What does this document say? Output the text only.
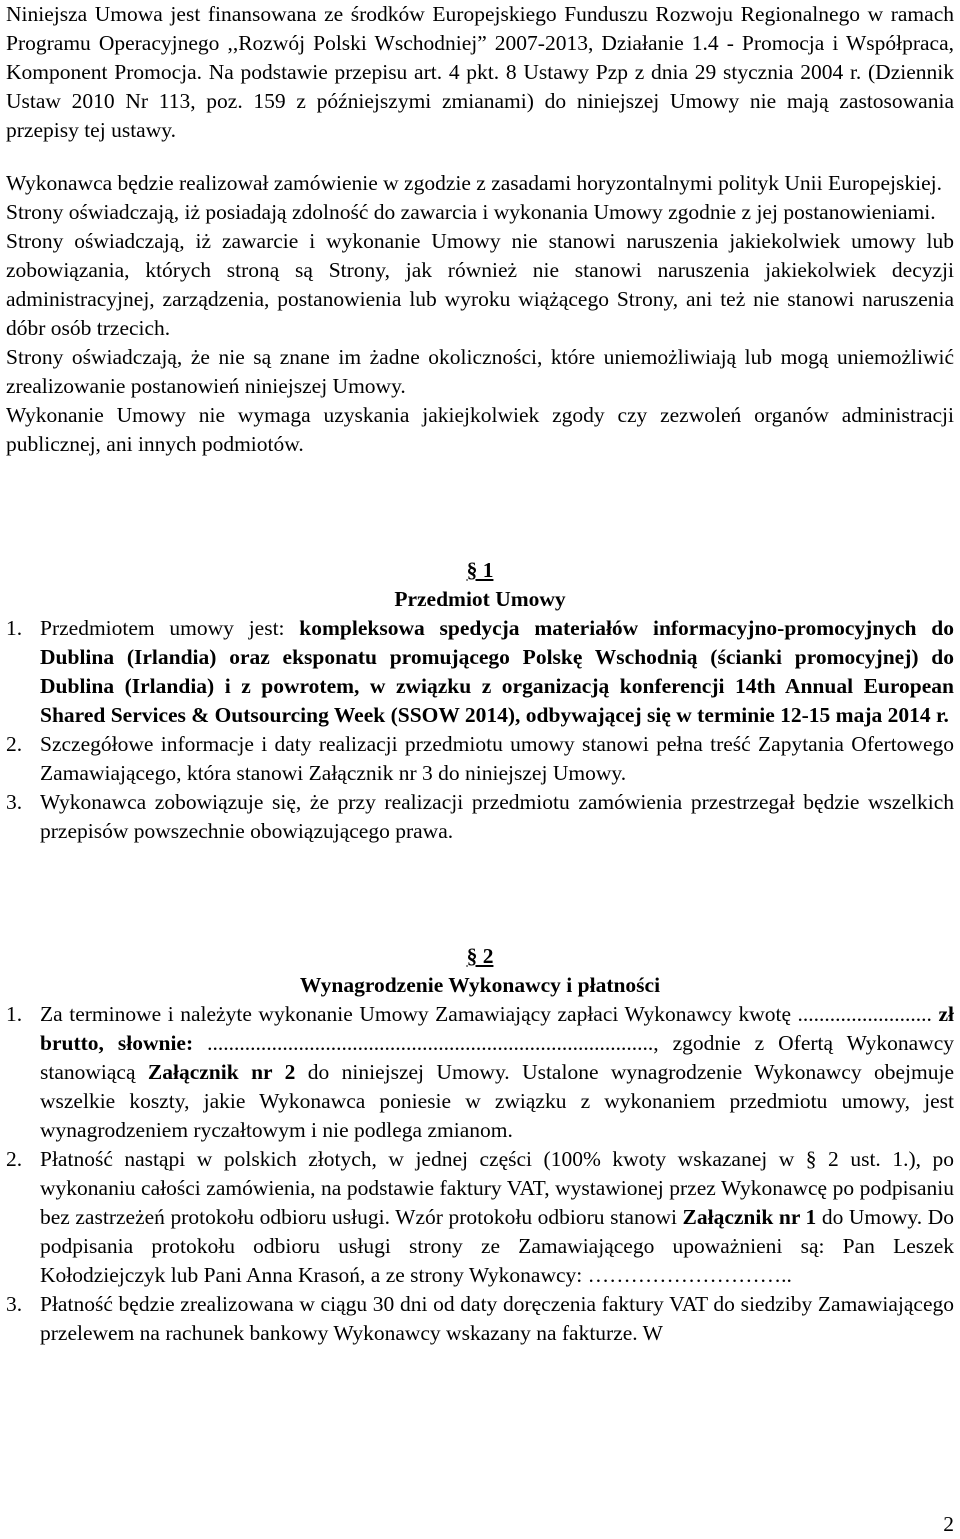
Niniejsza Umowa jest finansowana ze środków Europejskiego Funduszu Rozwoju Regionalnego w ramach Programu Operacyjnego ,,Rozwój Polski Wschodniej” 2007-2013, Działanie 1.4 - Promocja i Współpraca, Komponent Promocja. Na podstawie przepisu art. 4 pkt. 8 Ustawy Pzp z dnia 29 stycznia 2004 r. (Dziennik Ustaw 2010 Nr 113, poz. 159 z późniejszymi zmianami) do niniejszej Umowy nie mają zastosowania przepisy tej ustawy.

Wykonawca będzie realizował zamówienie w zgodzie z zasadami horyzontalnymi polityk Unii Europejskiej.

Strony oświadczają, iż posiadają zdolność do zawarcia i wykonania Umowy zgodnie z jej postanowieniami.

Strony oświadczają, iż zawarcie i wykonanie Umowy nie stanowi naruszenia jakiekolwiek umowy lub zobowiązania, których stroną są Strony, jak również nie stanowi naruszenia jakiekolwiek decyzji administracyjnej, zarządzenia, postanowienia lub wyroku wiążącego Strony, ani też nie stanowi naruszenia dóbr osób trzecich.

Strony oświadczają, że nie są znane im żadne okoliczności, które uniemożliwiają lub mogą uniemożliwić zrealizowanie postanowień niniejszej Umowy.

Wykonanie Umowy nie wymaga uzyskania jakiejkolwiek zgody czy zezwoleń organów administracji publicznej, ani innych podmiotów.

§ 1
Przedmiot Umowy
1. Przedmiotem umowy jest: kompleksowa spedycja materiałów informacyjno-promocyjnych do Dublina (Irlandia) oraz eksponatu promującego Polskę Wschodnią (ścianki promocyjnej) do Dublina (Irlandia) i z powrotem, w związku z organizacją konferencji 14th Annual European Shared Services & Outsourcing Week (SSOW 2014), odbywającej się w terminie 12-15 maja 2014 r.
2. Szczegółowe informacje i daty realizacji przedmiotu umowy stanowi pełna treść Zapytania Ofertowego Zamawiającego, która stanowi Załącznik nr 3 do niniejszej Umowy.
3. Wykonawca zobowiązuje się, że przy realizacji przedmiotu zamówienia przestrzegał będzie wszelkich przepisów powszechnie obowiązującego prawa.
§ 2
Wynagrodzenie Wykonawcy i płatności
1. Za terminowe i należyte wykonanie Umowy Zamawiający zapłaci Wykonawcy kwotę ......................... zł brutto, słownie: ..................................................................................., zgodnie z Ofertą Wykonawcy stanowiącą Załącznik nr 2 do niniejszej Umowy. Ustalone wynagrodzenie Wykonawcy obejmuje wszelkie koszty, jakie Wykonawca poniesie w związku z wykonaniem przedmiotu umowy, jest wynagrodzeniem ryczałtowym i nie podlega zmianom.
2. Płatność nastąpi w polskich złotych, w jednej części (100% kwoty wskazanej w § 2 ust. 1.), po wykonaniu całości zamówienia, na podstawie faktury VAT, wystawionej przez Wykonawcę po podpisaniu bez zastrzeżeń protokołu odbioru usługi. Wzór protokołu odbioru stanowi Załącznik nr 1 do Umowy. Do podpisania protokołu odbioru usługi strony ze Zamawiającego upoważnieni są: Pan Leszek Kołodziejczyk lub Pani Anna Krasoń, a ze strony Wykonawcy: ………………………..
3. Płatność będzie zrealizowana w ciągu 30 dni od daty doręczenia faktury VAT do siedziby Zamawiającego przelewem na rachunek bankowy Wykonawcy wskazany na fakturze. W
2
